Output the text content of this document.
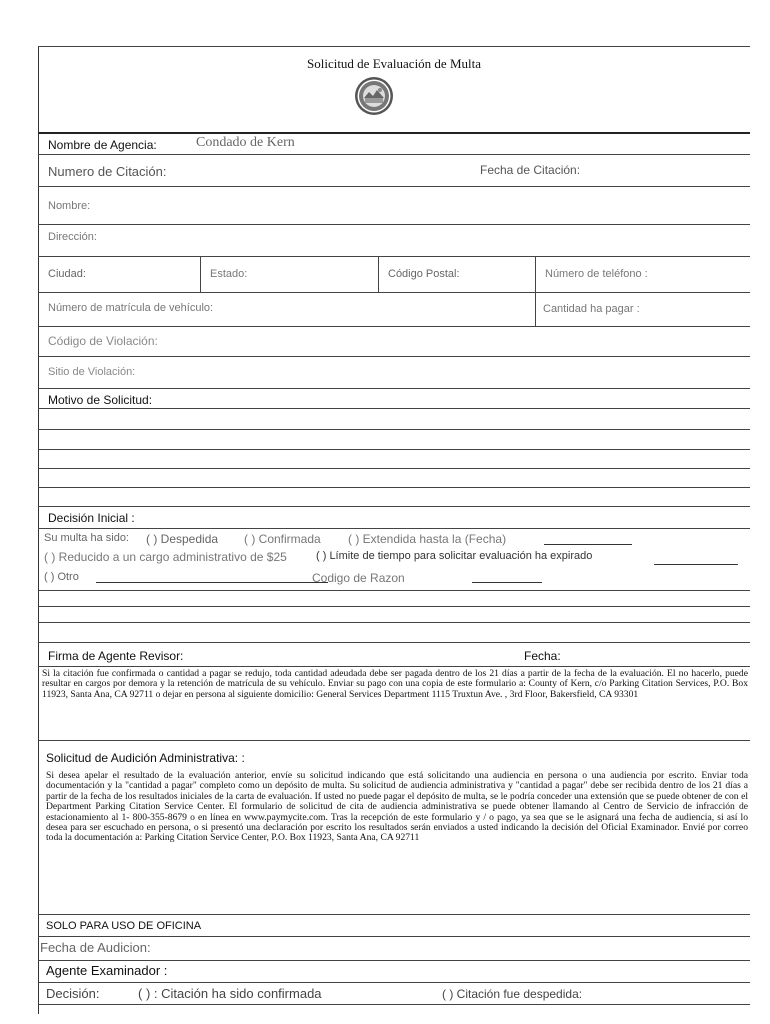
Solicitud de Evaluación de Multa
Nombre de Agencia:	Condado de Kern
Numero de Citación:	Fecha de Citación:
Nombre:
Dirección:
Ciudad:	Estado:	Código Postal:	Número de teléfono :
Número de matrícula de vehículo:	Cantidad ha pagar :
Código de Violación:
Sitio de Violación:
Motivo de Solicitud:
Decisión Inicial :
Su multa ha sido: ( ) Despedida ( ) Confirmada ( ) Extendida hasta la (Fecha)
( ) Reducido a un cargo administrativo de $25	( ) Límite de tiempo para solicitar evaluación ha expirado
( ) Otro	Codigo de Razon
Firma de Agente Revisor:	Fecha:
Si la citación fue confirmada o cantidad a pagar se redujo, toda cantidad adeudada debe ser pagada dentro de los 21 días a partir de la fecha de la evaluación. El no hacerlo, puede resultar en cargos por demora y la retención de matrícula de su vehículo. Enviar su pago con una copia de este formulario a: County of Kern, c/o Parking Citation Services, P.O. Box 11923, Santa Ana, CA 92711 o dejar en persona al siguiente domicilio: General Services Department 1115 Truxtun Ave. , 3rd Floor, Bakersfield, CA 93301
Solicitud de Audición Administrativa: :
Si desea apelar el resultado de la evaluación anterior, envíe su solicitud indicando que está solicitando una audiencia en persona o una audiencia por escrito. Enviar toda documentación y la "cantidad a pagar" completo como un depósito de multa. Su solicitud de audiencia administrativa y "cantidad a pagar" debe ser recibida dentro de los 21 días a partir de la fecha de los resultados iniciales de la carta de evaluación. If usted no puede pagar el depósito de multa, se le podría conceder una extensión que se puede obtener de con el Department Parking Citation Service Center. El formulario de solicitud de cita de audiencia administrativa se puede obtener llamando al Centro de Servicio de infracción de estacionamiento al 1- 800-355-8679 o en línea en www.paymycite.com. Tras la recepción de este formulario y / o pago, ya sea que se le asignará una fecha de audiencia, si así lo desea para ser escuchado en persona, o si presentó una declaración por escrito los resultados serán enviados a usted indicando la decisión del Oficial Examinador. Envié por correo toda la documentación a: Parking Citation Service Center, P.O. Box 11923, Santa Ana, CA 92711
SOLO PARA USO DE OFICINA
Fecha de Audicion:
Agente Examinador :
Decisión:	( ) : Citación ha sido confirmada	( ) Citación fue despedida:
